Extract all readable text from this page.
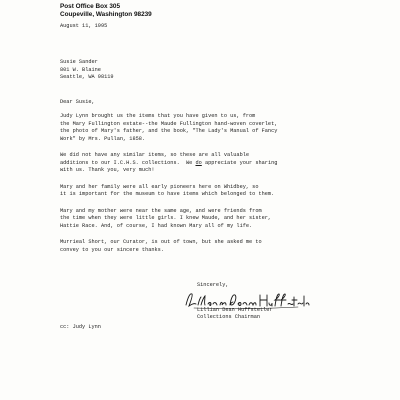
Post Office Box 305
Coupeville, Washington 98239
August 11, 1995
Susie Sander
801 W. Blaine
Seattle, WA 98119
Dear Susie,
Judy Lynn brought us the items that you have given to us, from
the Mary Fullington estate--the Maude Fullington hand-woven coverlet,
the photo of Mary's father, and the book, "The Lady's Manual of Fancy
Work" by Mrs. Pullan, 1858.
We did not have any similar items, so these are all valuable
additions to our I.C.H.S. collections.  We do appreciate your sharing
with us. Thank you, very much!
Mary and her family were all early pioneers here on Whidbey, so
it is important for the museum to have items which belonged to them.
Mary and my mother were near the same age, and were friends from
the time when they were little girls. I knew Maude, and her sister,
Hattie Race. And, of course, I had known Mary all of my life.
Murrieal Short, our Curator, is out of town, but she asked me to
convey to you our sincere thanks.
Sincerely,
Lillian Dean Huffstetler
Collections Chairman
cc: Judy Lynn
